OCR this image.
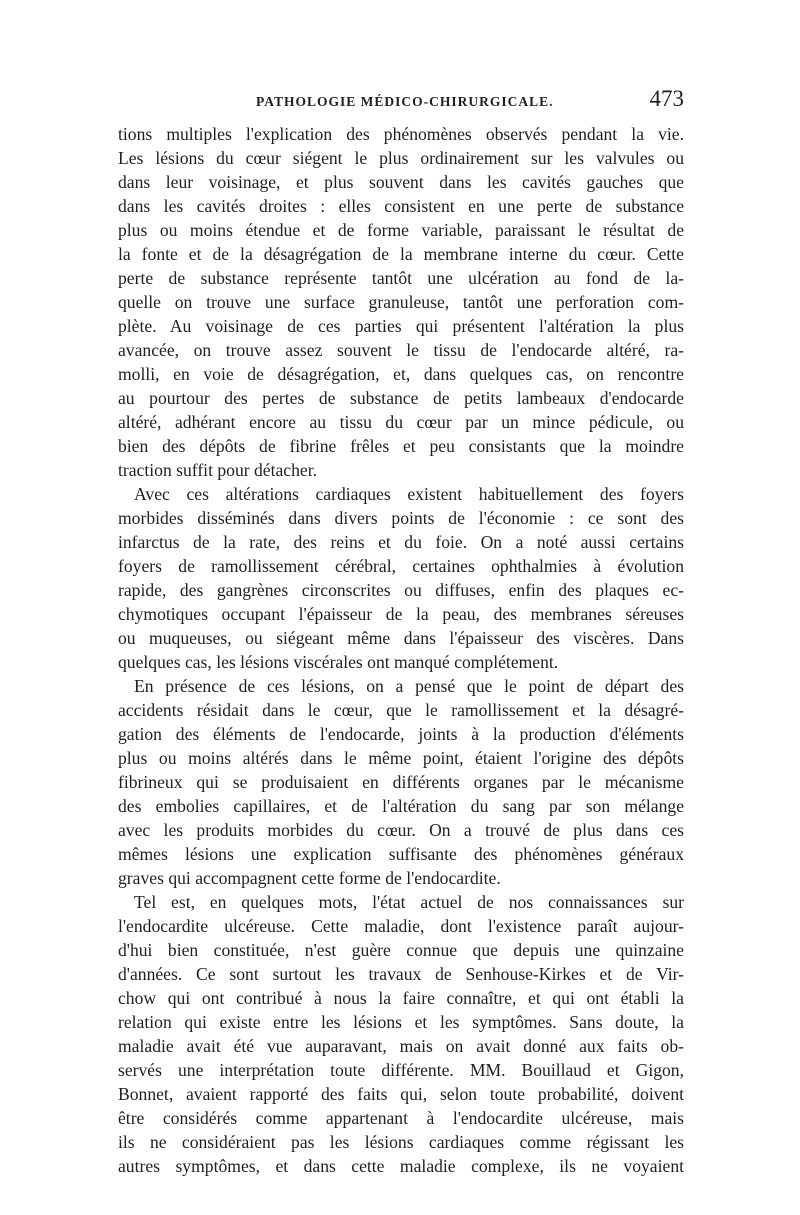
PATHOLOGIE MÉDICO-CHIRURGICALE.	473
tions multiples l'explication des phénomènes observés pendant la vie.
Les lésions du cœur siégent le plus ordinairement sur les valvules ou
dans leur voisinage, et plus souvent dans les cavités gauches que
dans les cavités droites : elles consistent en une perte de substance
plus ou moins étendue et de forme variable, paraissant le résultat de
la fonte et de la désagrégation de la membrane interne du cœur. Cette
perte de substance représente tantôt une ulcération au fond de la-
quelle on trouve une surface granuleuse, tantôt une perforation com-
plète. Au voisinage de ces parties qui présentent l'altération la plus
avancée, on trouve assez souvent le tissu de l'endocarde altéré, ra-
molli, en voie de désagrégation, et, dans quelques cas, on rencontre
au pourtour des pertes de substance de petits lambeaux d'endocarde
altéré, adhérant encore au tissu du cœur par un mince pédicule, ou
bien des dépôts de fibrine frêles et peu consistants que la moindre
traction suffit pour détacher.
Avec ces altérations cardiaques existent habituellement des foyers
morbides disséminés dans divers points de l'économie : ce sont des
infarctus de la rate, des reins et du foie. On a noté aussi certains
foyers de ramollissement cérébral, certaines ophthalmies à évolution
rapide, des gangrènes circonscrites ou diffuses, enfin des plaques ec-
chymotiques occupant l'épaisseur de la peau, des membranes séreuses
ou muqueuses, ou siégeant même dans l'épaisseur des viscères. Dans
quelques cas, les lésions viscérales ont manqué complétement.
En présence de ces lésions, on a pensé que le point de départ des
accidents résidait dans le cœur, que le ramollissement et la désagré-
gation des éléments de l'endocarde, joints à la production d'éléments
plus ou moins altérés dans le même point, étaient l'origine des dépôts
fibrineux qui se produisaient en différents organes par le mécanisme
des embolies capillaires, et de l'altération du sang par son mélange
avec les produits morbides du cœur. On a trouvé de plus dans ces
mêmes lésions une explication suffisante des phénomènes généraux
graves qui accompagnent cette forme de l'endocardite.
Tel est, en quelques mots, l'état actuel de nos connaissances sur
l'endocardite ulcéreuse. Cette maladie, dont l'existence paraît aujour-
d'hui bien constituée, n'est guère connue que depuis une quinzaine
d'années. Ce sont surtout les travaux de Senhouse-Kirkes et de Vir-
chow qui ont contribué à nous la faire connaître, et qui ont établi la
relation qui existe entre les lésions et les symptômes. Sans doute, la
maladie avait été vue auparavant, mais on avait donné aux faits ob-
servés une interprétation toute différente. MM. Bouillaud et Gigon,
Bonnet, avaient rapporté des faits qui, selon toute probabilité, doivent
être considérés comme appartenant à l'endocardite ulcéreuse, mais
ils ne considéraient pas les lésions cardiaques comme régissant les
autres symptômes, et dans cette maladie complexe, ils ne voyaient
